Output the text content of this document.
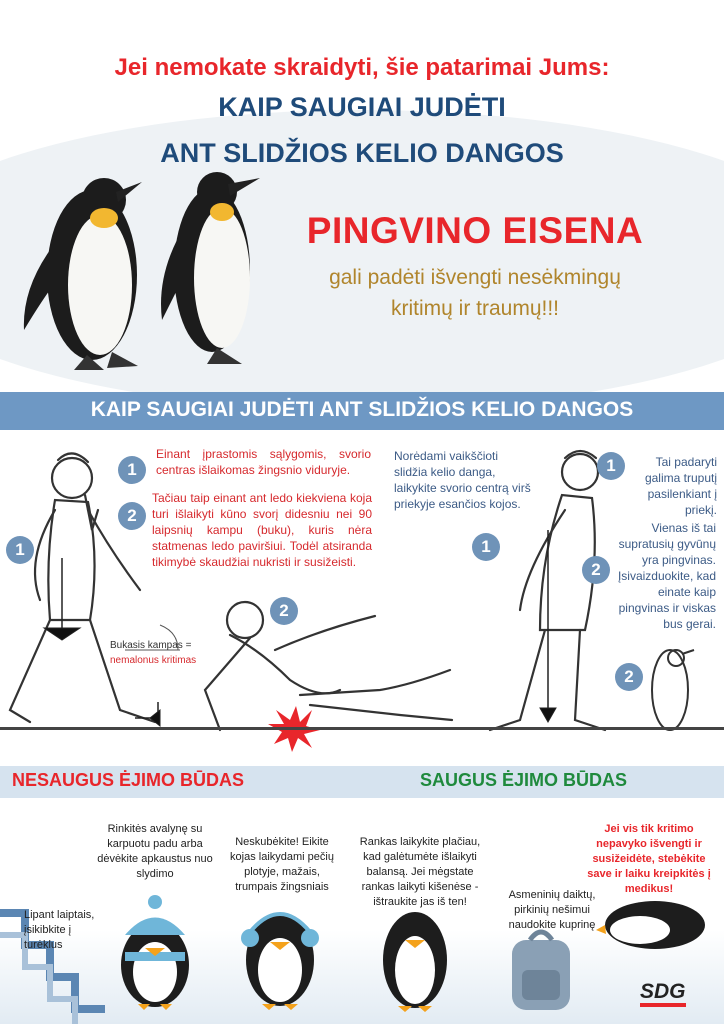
Jei nemokate skraidyti, šie patarimai Jums:
KAIP SAUGIAI JUDĖTI
ANT SLIDŽIOS KELIO DANGOS
PINGVINO EISENA
gali padėti išvengti nesėkmingų
kritimų ir traumų!!!
KAIP SAUGIAI JUDĖTI ANT SLIDŽIOS KELIO DANGOS
1
2
1
2
1
2
1
2
Einant įprastomis sąlygomis, svorio centras išlaikomas žingsnio viduryje.
Tačiau taip einant ant ledo kiekviena koja turi išlaikyti kūno svorį didesniu nei 90 laipsnių kampu (buku), kuris nėra statmenas ledo paviršiui. Todėl atsiranda tikimybė skaudžiai nukristi ir susižeisti.
Bukasis kampas =
nemalonus kritimas
Norėdami vaikščioti slidžia kelio danga, laikykite svorio centrą virš priekyje esančios kojos.
Tai padaryti galima truputį pasilenkiant į priekį.
Vienas iš tai supratusių gyvūnų yra pingvinas. Įsivaizduokite, kad einate kaip pingvinas ir viskas bus gerai.
NESAUGUS ĖJIMO BŪDAS	SAUGUS ĖJIMO BŪDAS
Lipant laiptais, įsikibkite į turėklus
Rinkitės avalynę su karpuotu padu arba dėvėkite apkaustus nuo slydimo
Neskubėkite! Eikite kojas laikydami pečių plotyje, mažais, trumpais žingsniais
Rankas laikykite plačiau, kad galėtumėte išlaikyti balansą. Jei mėgstate rankas laikyti kišenėse - ištraukite jas iš ten!
Asmeninių daiktų, pirkinių nešimui naudokite kuprinę
Jei vis tik kritimo nepavyko išvengti ir susižeidėte, stebėkite save ir laiku kreipkitės į medikus!
SDG
